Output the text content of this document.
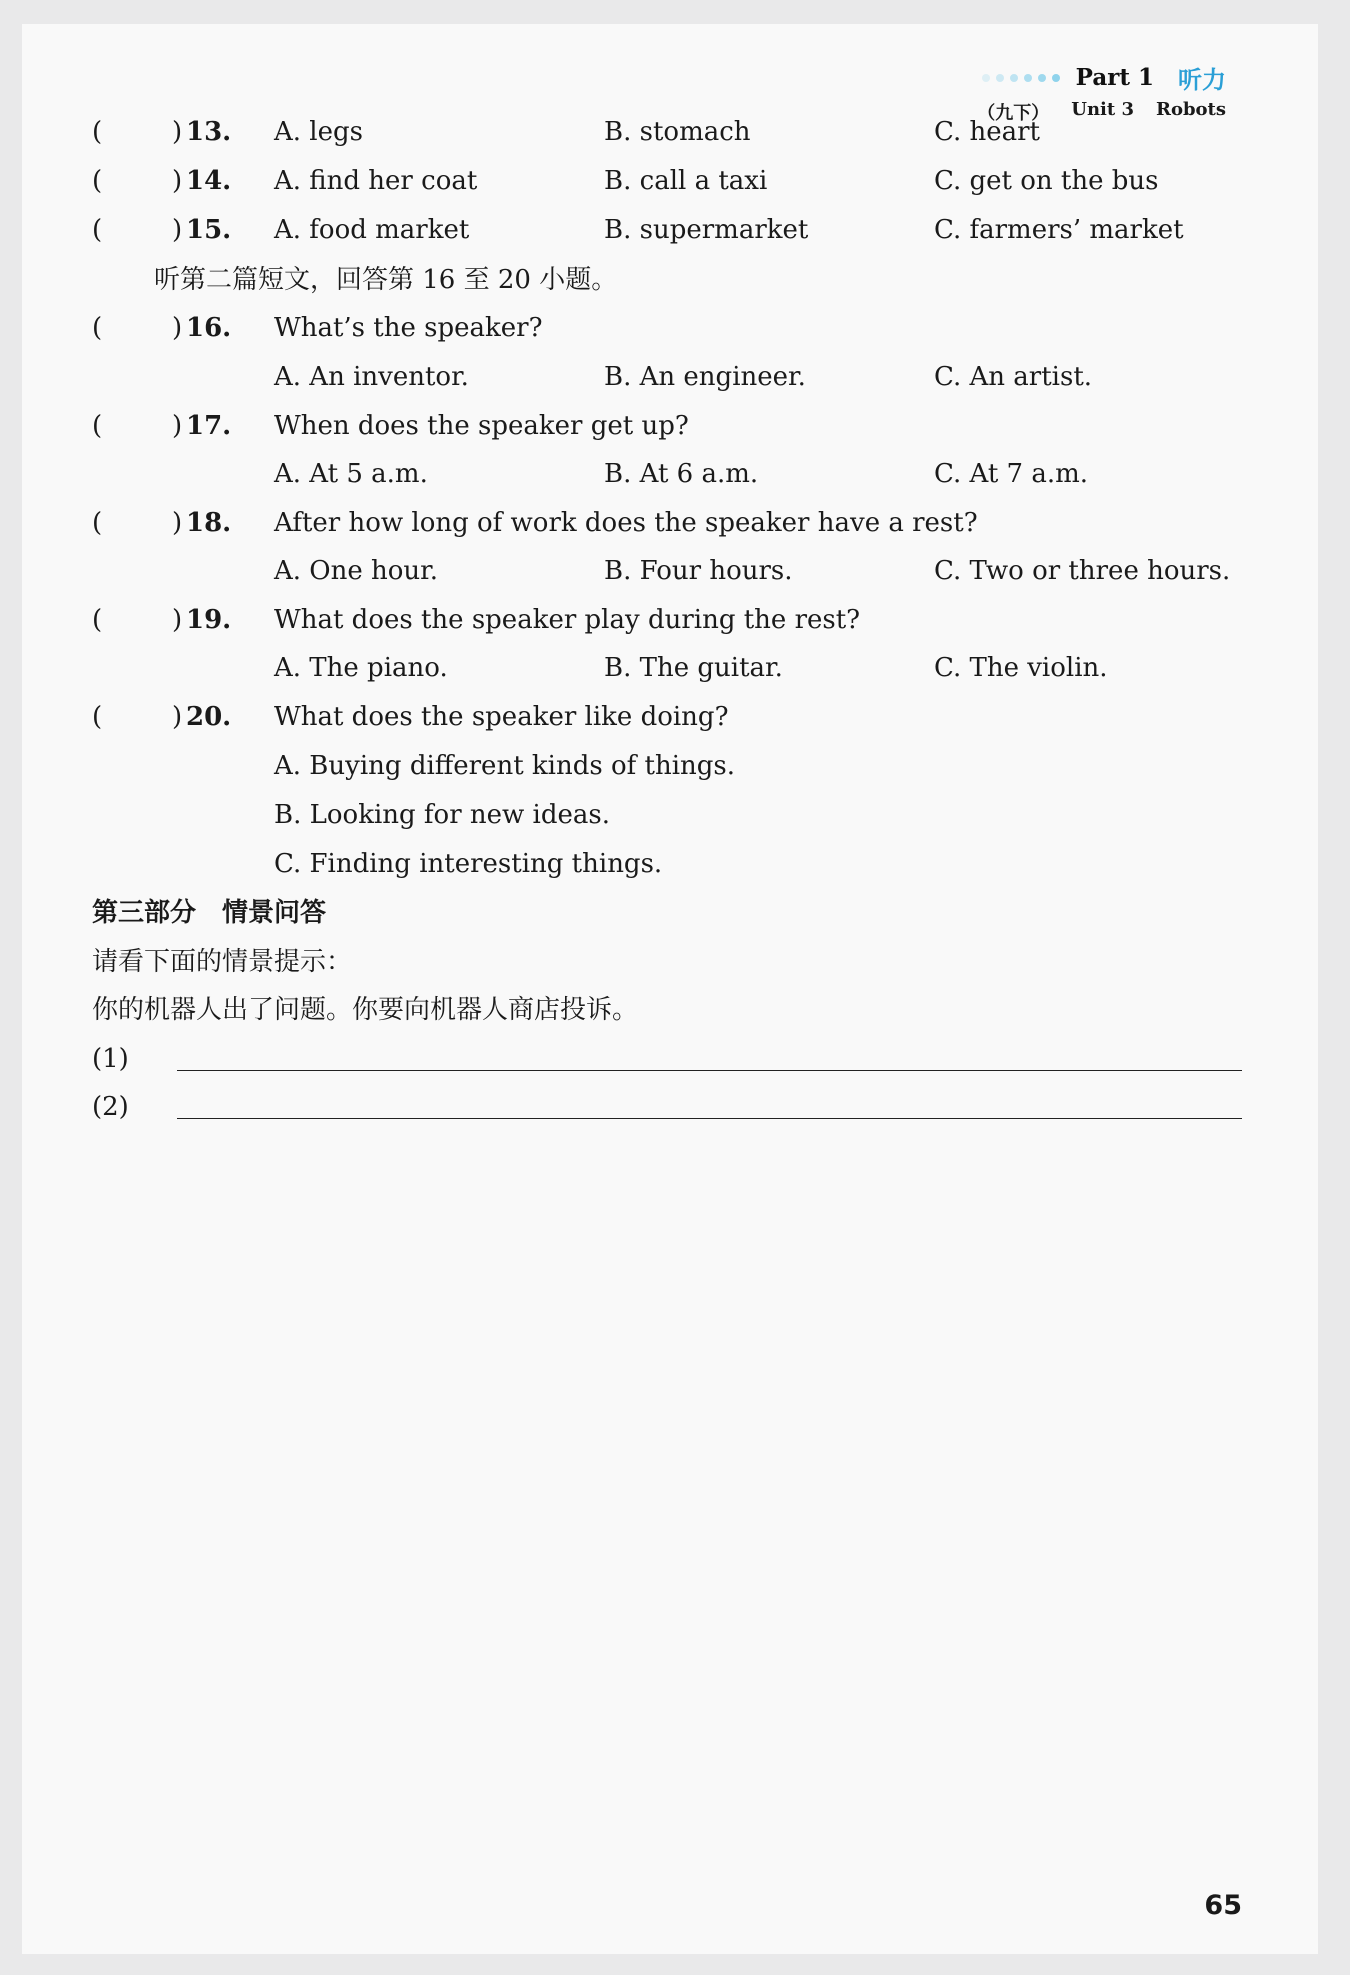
Part 1 听力
（九下） Unit 3 Robots
(	) 13. A. legs	B. stomach	C. heart
(	) 14. A. find her coat	B. call a taxi	C. get on the bus
(	) 15. A. food market	B. supermarket	C. farmers’ market
听第二篇短文，回答第 16 至 20 小题。
(	) 16. What’s the speaker?
A. An inventor.	B. An engineer.	C. An artist.
(	) 17. When does the speaker get up?
A. At 5 a.m.	B. At 6 a.m.	C. At 7 a.m.
(	) 18. After how long of work does the speaker have a rest?
A. One hour.	B. Four hours.	C. Two or three hours.
(	) 19. What does the speaker play during the rest?
A. The piano.	B. The guitar.	C. The violin.
(	) 20. What does the speaker like doing?
A. Buying different kinds of things.
B. Looking for new ideas.
C. Finding interesting things.
第三部分　情景问答
请看下面的情景提示：
你的机器人出了问题。你要向机器人商店投诉。
(1)
(2)
65
